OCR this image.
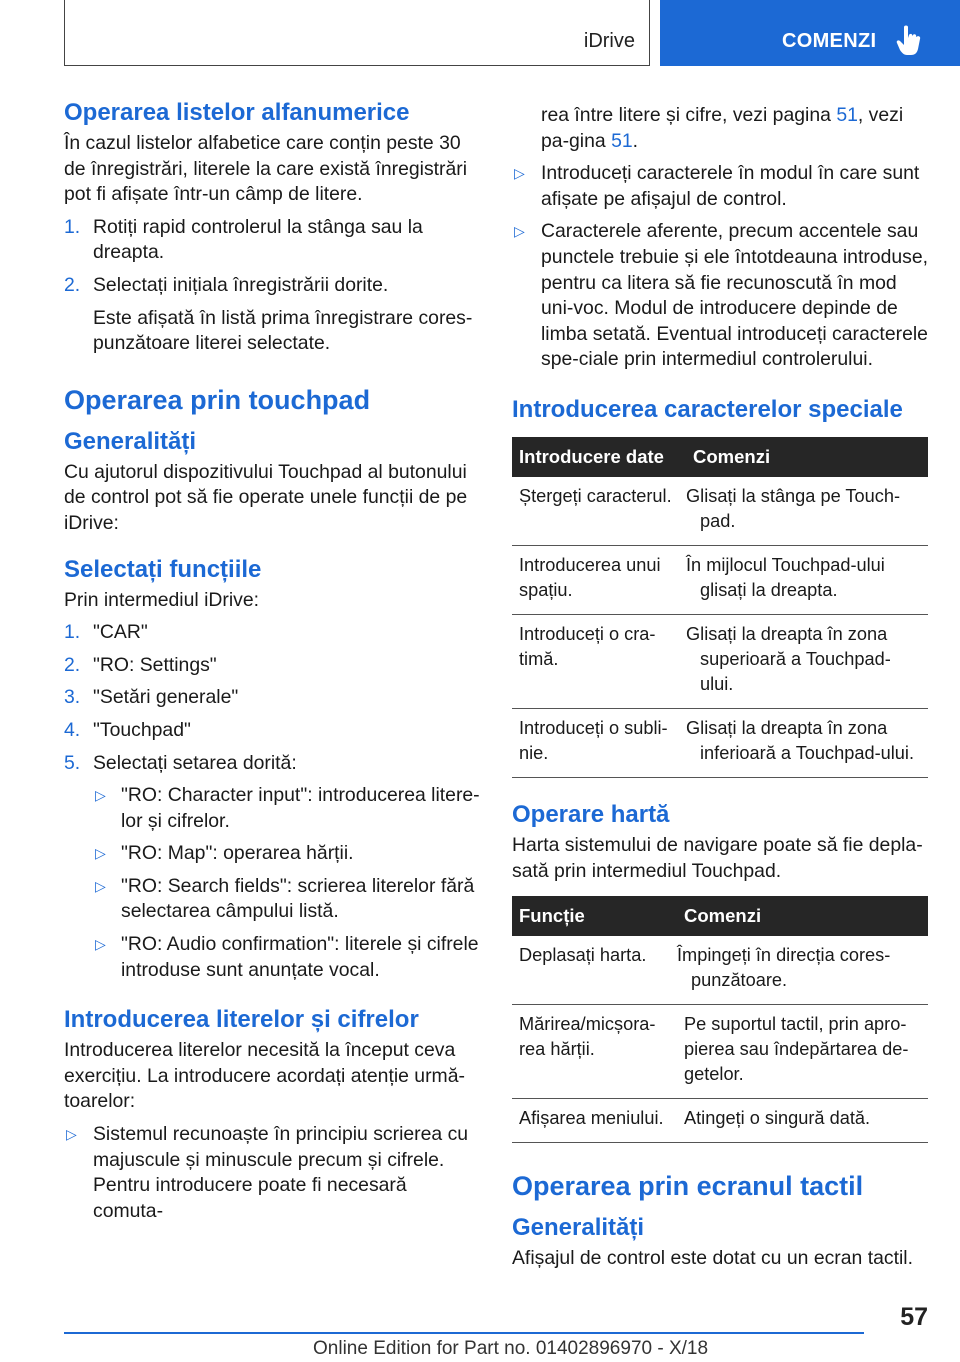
iDrive	COMENZI
Operarea listelor alfanumerice

În cazul listelor alfabetice care conțin peste 30 de înregistrări, literele la care există înregistrări pot fi afișate într-un câmp de litere.

1. Rotiți rapid controlerul la stânga sau la dreapta.
2. Selectați inițiala înregistrării dorite.

Este afișată în listă prima înregistrare cores-punzătoare literei selectate.

Operarea prin touchpad
Generalități

Cu ajutorul dispozitivului Touchpad al butonului de control pot să fie operate unele funcții de pe iDrive:

Selectați funcțiile

Prin intermediul iDrive:

1. "CAR"
2. "RO: Settings"
3. "Setări generale"
4. "Touchpad"
5. Selectați setarea dorită:
▷ "RO: Character input": introducerea litere-lor și cifrelor.
▷ "RO: Map": operarea hărții.
▷ "RO: Search fields": scrierea literelor fără selectarea câmpului listă.
▷ "RO: Audio confirmation": literele și cifrele introduse sunt anunțate vocal.
Introducerea literelor și cifrelor

Introducerea literelor necesită la început ceva exercițiu. La introducere acordați atenție urmă-toarelor:

▷ Sistemul recunoaște în principiu scrierea cu majuscule și minuscule precum și cifrele. Pentru introducere poate fi necesară comuta-

rea între litere și cifre, vezi pagina 51, vezi pa-gina 51.

▷ Introduceți caracterele în modul în care sunt afișate pe afișajul de control.
▷ Caracterele aferente, precum accentele sau punctele trebuie și ele întotdeauna introduse, pentru ca litera să fie recunoscută în mod uni-voc. Modul de introducere depinde de limba setată. Eventual introduceți caracterele spe-ciale prin intermediul controlerului.
Introducerea caracterelor speciale
Introducere date	Comenzi
Ștergeți caracterul.	Glisați la stânga pe Touch-pad.
Introducerea unui spațiu.	În mijlocul Touchpad-ului glisați la dreapta.
Introduceți o cra-timă.	Glisați la dreapta în zona superioară a Touchpad-ului.
Introduceți o subli-nie.	Glisați la dreapta în zona inferioară a Touchpad-ului.
Operare hartă

Harta sistemului de navigare poate să fie depla-sată prin intermediul Touchpad.

Funcție	Comenzi
Deplasați harta.	Împingeți în direcția cores-punzătoare.
Mărirea/micșora-rea hărții.	Pe suportul tactil, prin apro-pierea sau îndepărtarea de-getelor.
Afișarea meniului.	Atingeți o singură dată.
Operarea prin ecranul tactil
Generalități

Afișajul de control este dotat cu un ecran tactil.

57
Online Edition for Part no. 01402896970 - X/18
